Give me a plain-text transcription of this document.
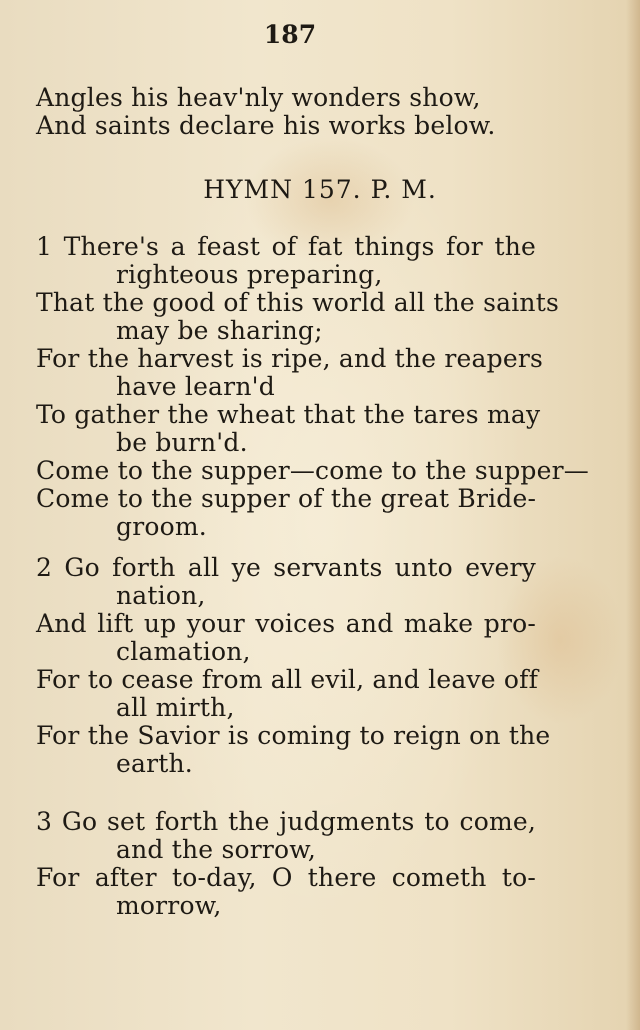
187
Angles his heav'nly wonders show,
And saints declare his works below.
HYMN 157. P. M.
1 There's a feast of fat things for the
righteous preparing,
That the good of this world all the saints
may be sharing;
For the harvest is ripe, and the reapers
have learn'd
To gather the wheat that the tares may
be burn'd.
Come to the supper—come to the supper—
Come to the supper of the great Bride-
groom.
2 Go forth all ye servants unto every
nation,
And lift up your voices and make pro-
clamation,
For to cease from all evil, and leave off
all mirth,
For the Savior is coming to reign on the
earth.
3 Go set forth the judgments to come,
and the sorrow,
For after to-day, O there cometh to-
morrow,
